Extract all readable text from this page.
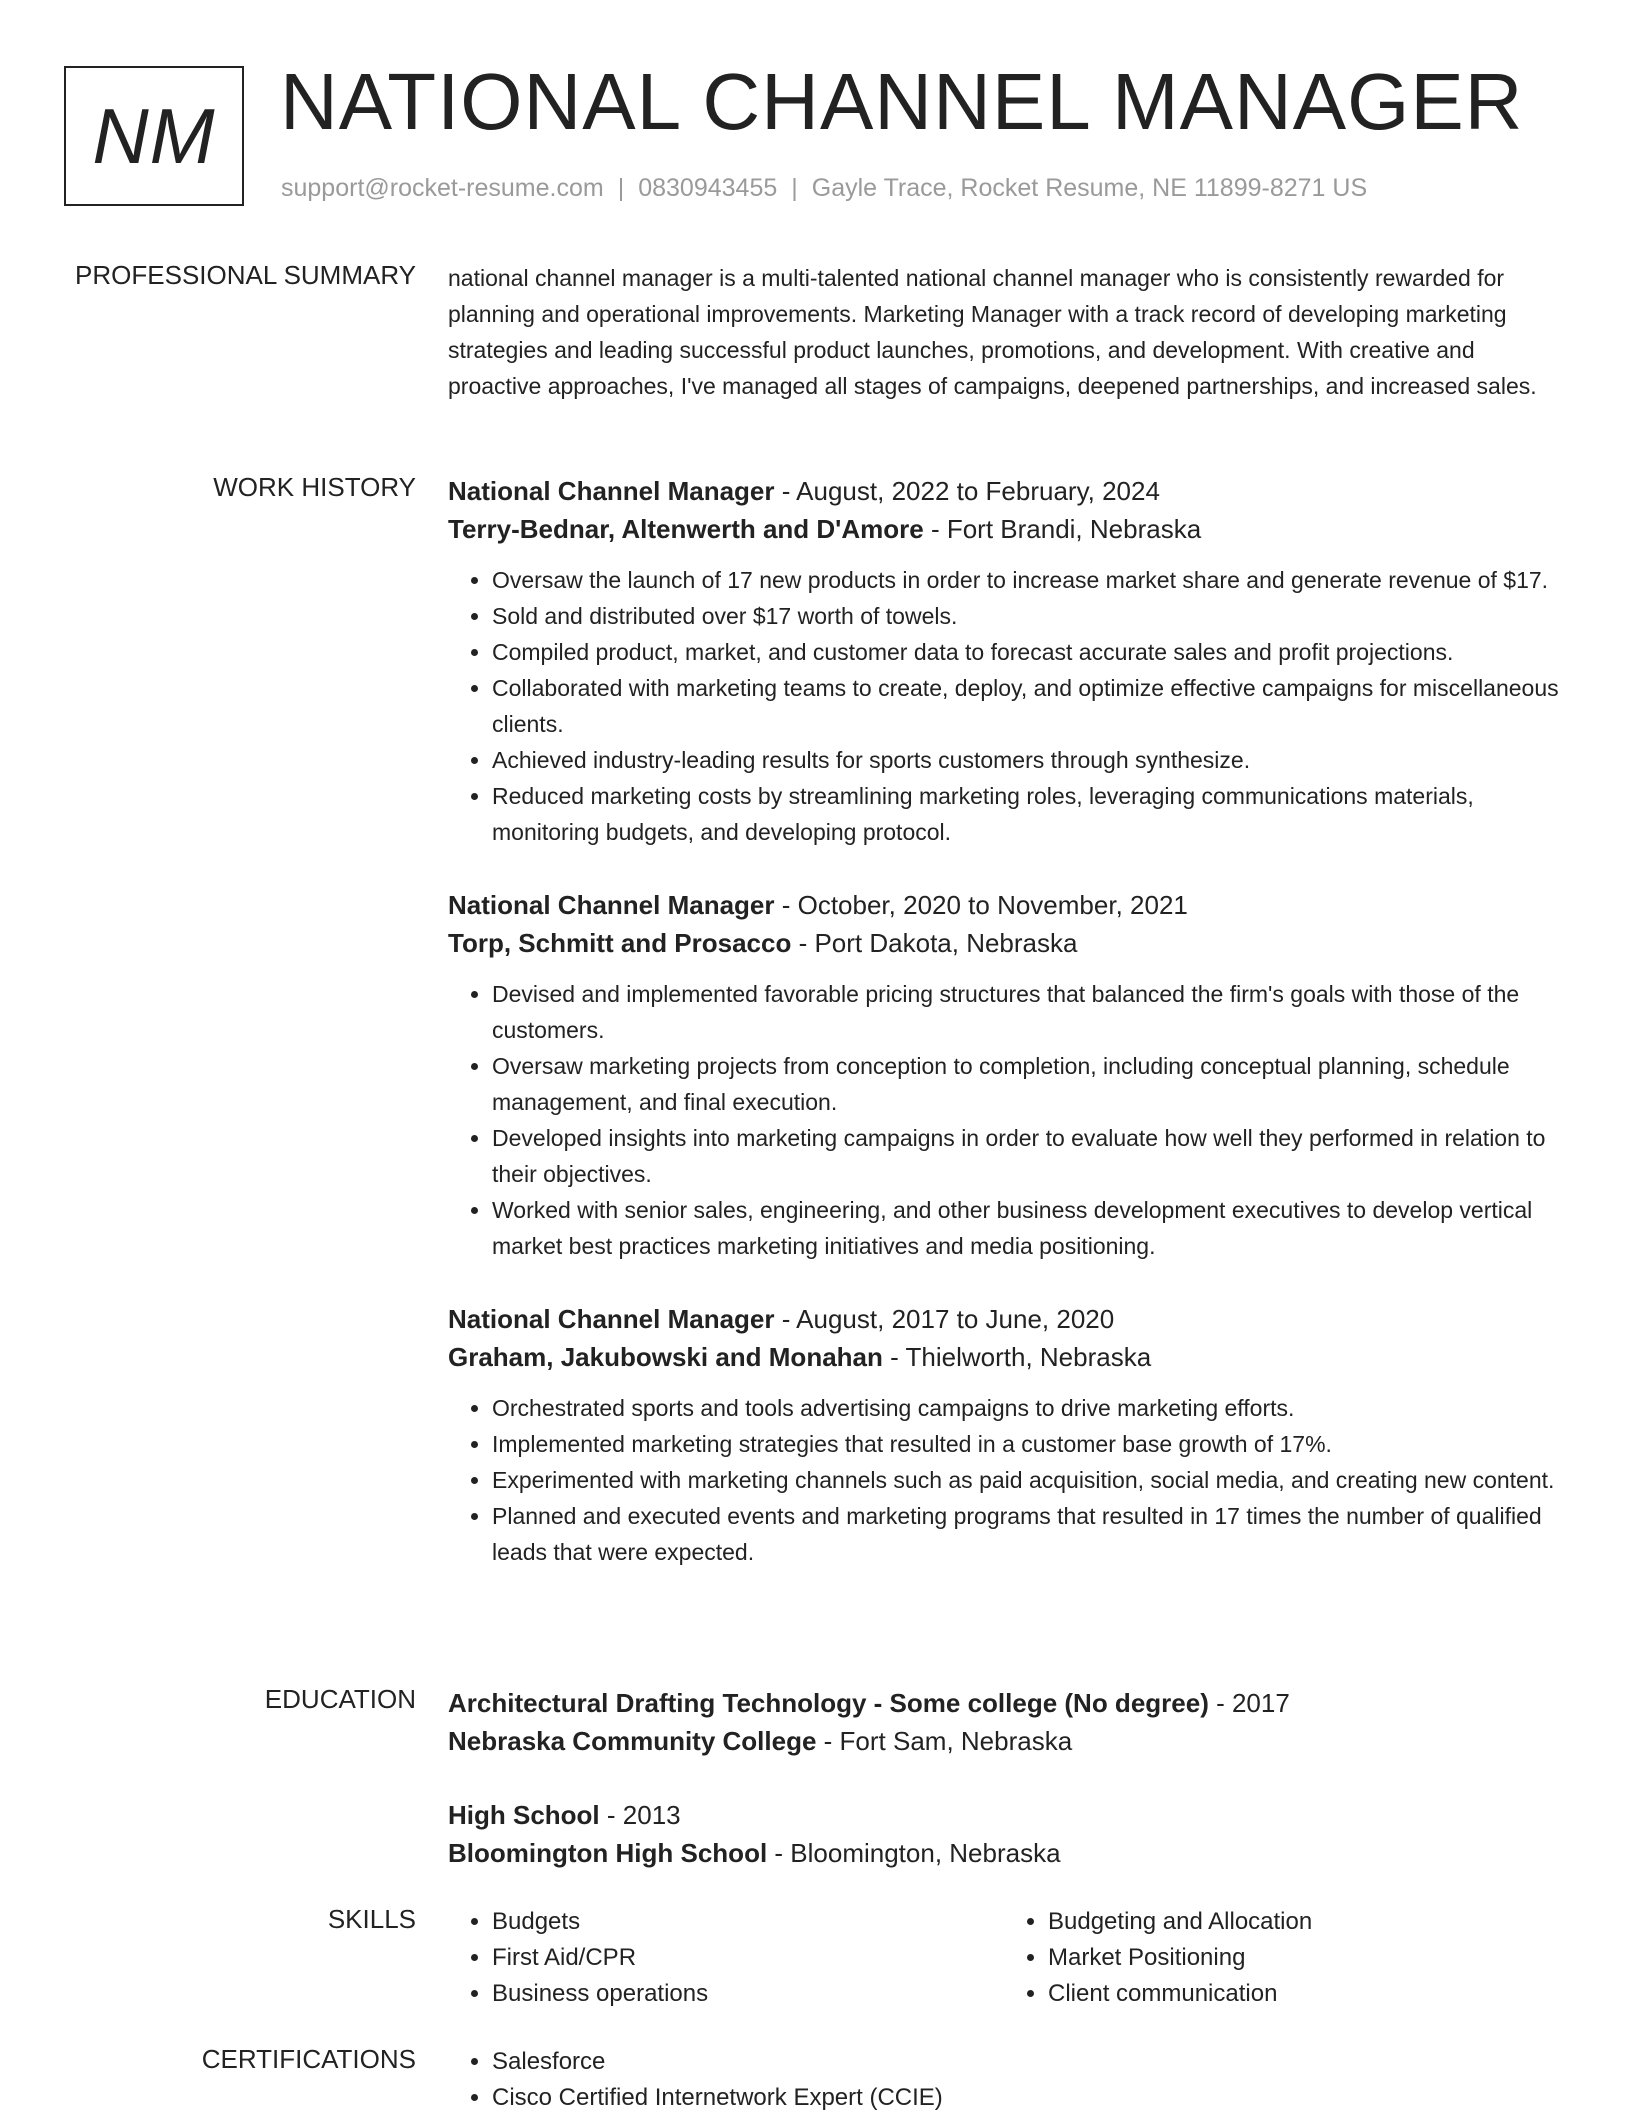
NM NATIONAL CHANNEL MANAGER
support@rocket-resume.com | 0830943455 | Gayle Trace, Rocket Resume, NE 11899-8271 US
PROFESSIONAL SUMMARY national channel manager is a multi-talented national channel manager who is consistently rewarded for planning and operational improvements. Marketing Manager with a track record of developing marketing strategies and leading successful product launches, promotions, and development. With creative and proactive approaches, I've managed all stages of campaigns, deepened partnerships, and increased sales.

WORK HISTORY National Channel Manager - August, 2022 to February, 2024
Terry-Bednar, Altenwerth and D'Amore - Fort Brandi, Nebraska
• Oversaw the launch of 17 new products in order to increase market share and generate revenue of $17.
• Sold and distributed over $17 worth of towels.
• Compiled product, market, and customer data to forecast accurate sales and profit projections.
• Collaborated with marketing teams to create, deploy, and optimize effective campaigns for miscellaneous clients.
• Achieved industry-leading results for sports customers through synthesize.
• Reduced marketing costs by streamlining marketing roles, leveraging communications materials, monitoring budgets, and developing protocol.
National Channel Manager - October, 2020 to November, 2021
Torp, Schmitt and Prosacco - Port Dakota, Nebraska
• Devised and implemented favorable pricing structures that balanced the firm's goals with those of the customers.
• Oversaw marketing projects from conception to completion, including conceptual planning, schedule management, and final execution.
• Developed insights into marketing campaigns in order to evaluate how well they performed in relation to their objectives.
• Worked with senior sales, engineering, and other business development executives to develop vertical market best practices marketing initiatives and media positioning.
National Channel Manager - August, 2017 to June, 2020
Graham, Jakubowski and Monahan - Thielworth, Nebraska
• Orchestrated sports and tools advertising campaigns to drive marketing efforts.
• Implemented marketing strategies that resulted in a customer base growth of 17%.
• Experimented with marketing channels such as paid acquisition, social media, and creating new content.
• Planned and executed events and marketing programs that resulted in 17 times the number of qualified leads that were expected.
EDUCATION Architectural Drafting Technology - Some college (No degree) - 2017
Nebraska Community College - Fort Sam, Nebraska
High School - 2013
Bloomington High School - Bloomington, Nebraska
SKILLS	• Budgets
• First Aid/CPR
• Business operations
• Budgeting and Allocation
• Market Positioning
• Client communication
CERTIFICATIONS	• Salesforce
• Cisco Certified Internetwork Expert (CCIE)
